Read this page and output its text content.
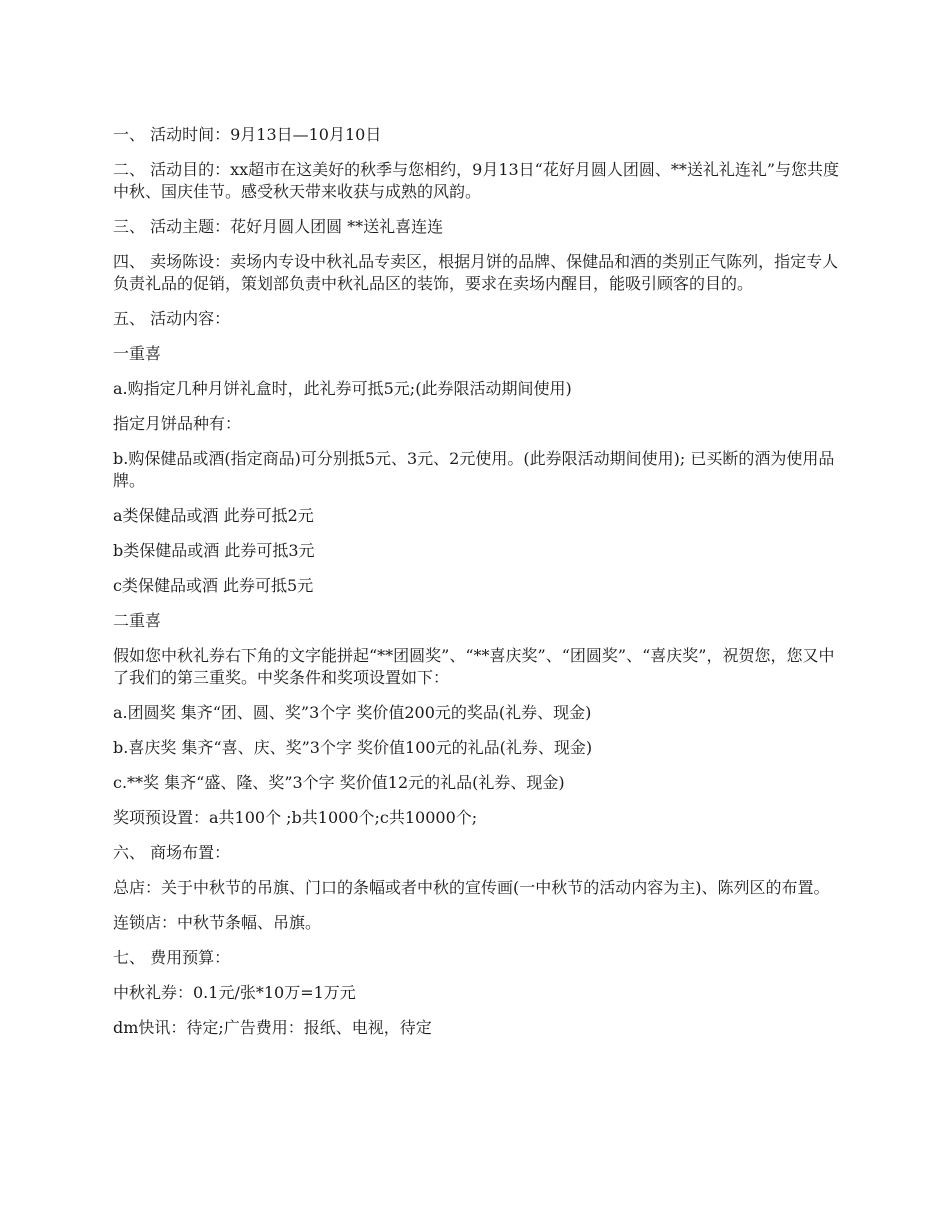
一、 活动时间：9月13日—10月10日

二、 活动目的：xx超市在这美好的秋季与您相约，9月13日“花好月圆人团圆、**送礼礼连礼”与您共度中秋、国庆佳节。感受秋天带来收获与成熟的风韵。

三、 活动主题：花好月圆人团圆 **送礼喜连连

四、 卖场陈设：卖场内专设中秋礼品专卖区，根据月饼的品牌、保健品和酒的类别正气陈列，指定专人负责礼品的促销，策划部负责中秋礼品区的装饰，要求在卖场内醒目，能吸引顾客的目的。

五、 活动内容：

一重喜

a.购指定几种月饼礼盒时，此礼券可抵5元;(此券限活动期间使用)

指定月饼品种有：

b.购保健品或酒(指定商品)可分别抵5元、3元、2元使用。(此券限活动期间使用); 已买断的酒为使用品牌。

a类保健品或酒 此券可抵2元

b类保健品或酒 此券可抵3元

c类保健品或酒 此券可抵5元

二重喜

假如您中秋礼券右下角的文字能拼起“**团圆奖”、“**喜庆奖”、“团圆奖”、“喜庆奖”，祝贺您，您又中了我们的第三重奖。中奖条件和奖项设置如下：

a.团圆奖 集齐“团、圆、奖”3个字 奖价值200元的奖品(礼券、现金)

b.喜庆奖 集齐“喜、庆、奖”3个字 奖价值100元的礼品(礼券、现金)

c.**奖 集齐“盛、隆、奖”3个字 奖价值12元的礼品(礼券、现金)

奖项预设置：a共100个 ;b共1000个;c共10000个;

六、 商场布置：

总店：关于中秋节的吊旗、门口的条幅或者中秋的宣传画(一中秋节的活动内容为主)、陈列区的布置。

连锁店：中秋节条幅、吊旗。

七、 费用预算：

中秋礼券：0.1元/张*10万=1万元

dm快讯：待定;广告费用：报纸、电视，待定
